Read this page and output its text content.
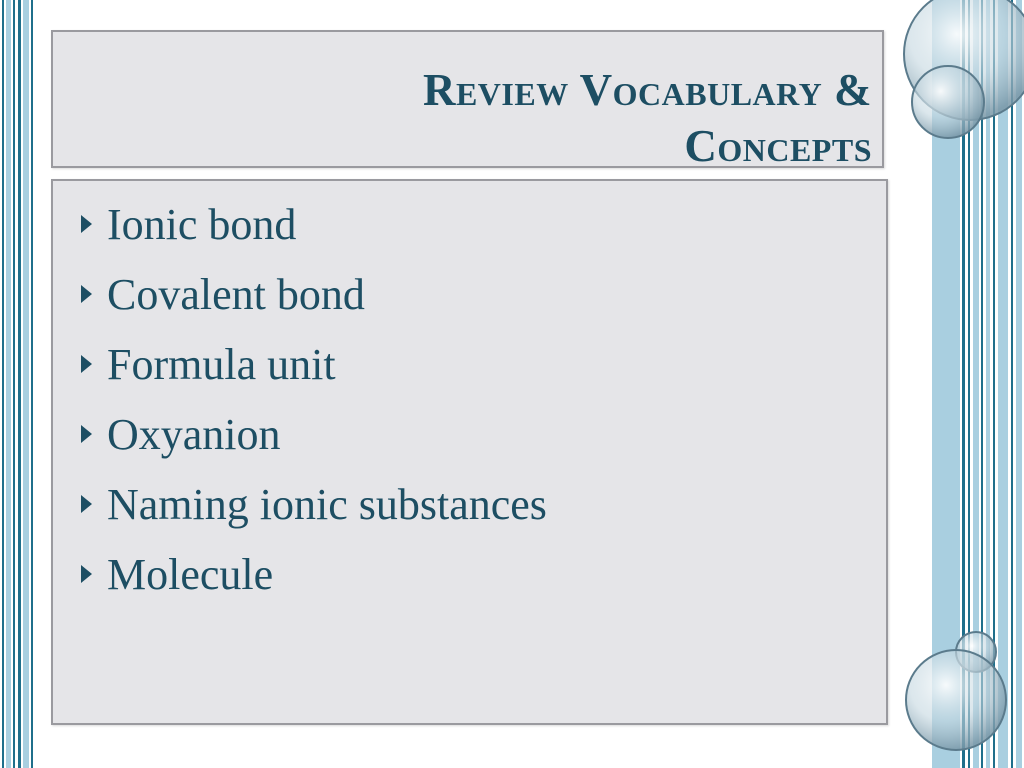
Review Vocabulary &
Concepts
Ionic bond
Covalent bond
Formula unit
Oxyanion
Naming ionic substances
Molecule
